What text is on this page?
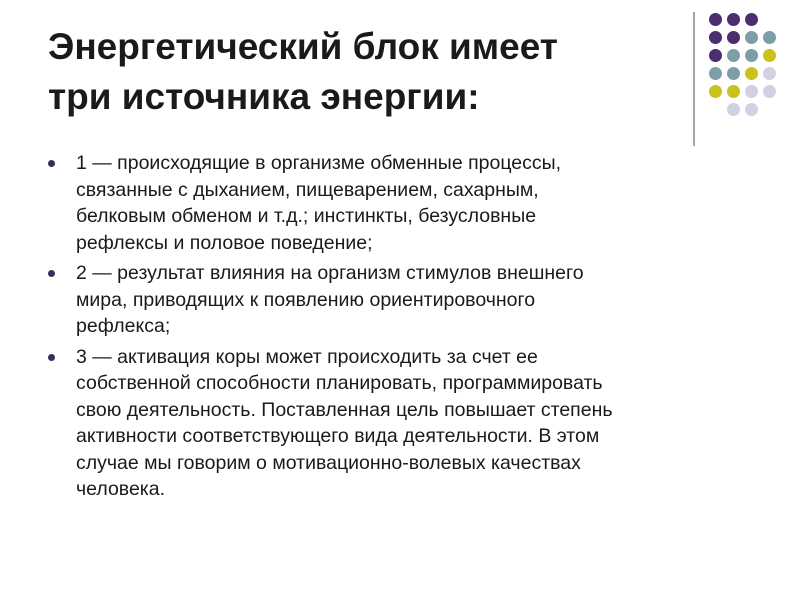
Энергетический блок имеет
три источника энергии:
1 — происходящие в организме обменные процессы,
связанные с дыханием, пищеварением, сахарным,
белковым обменом и т.д.; инстинкты, безусловные
рефлексы и половое поведение;
2 — результат влияния на организм стимулов внешнего
мира, приводящих к появлению ориентировочного
рефлекса;
3 — активация коры может происходить за счет ее
собственной способности планировать, программировать
свою деятельность. Поставленная цель повышает степень
активности соответствующего вида деятельности. В этом
случае мы говорим о мотивационно-волевых качествах
человека.
